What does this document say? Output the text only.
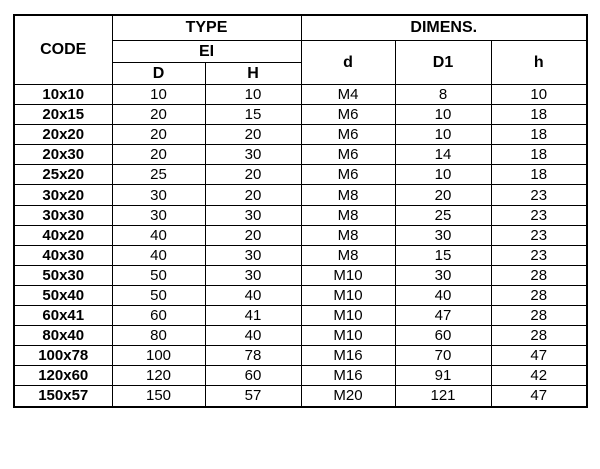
CODE	TYPE		DIMENS.		
	EI		d	D1	h
	D	H			
10x10	10	10	M4	8	10
20x15	20	15	M6	10	18
20x20	20	20	M6	10	18
20x30	20	30	M6	14	18
25x20	25	20	M6	10	18
30x20	30	20	M8	20	23
30x30	30	30	M8	25	23
40x20	40	20	M8	30	23
40x30	40	30	M8	15	23
50x30	50	30	M10	30	28
50x40	50	40	M10	40	28
60x41	60	41	M10	47	28
80x40	80	40	M10	60	28
100x78	100	78	M16	70	47
120x60	120	60	M16	91	42
150x57	150	57	M20	121	47
